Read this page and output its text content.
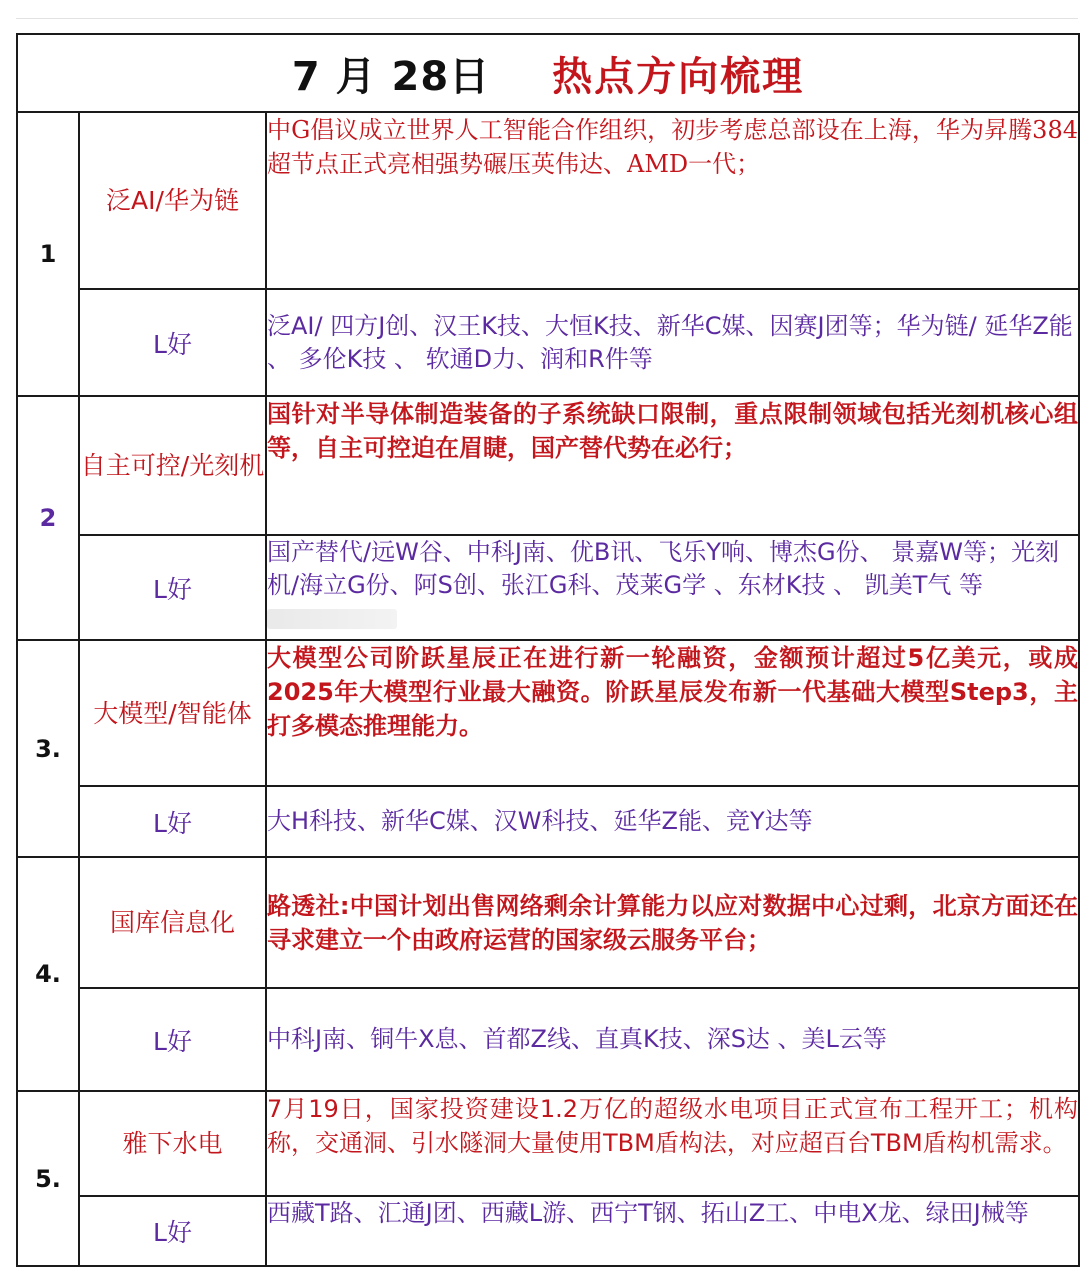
7 月 28日 热点方向梳理		
1	泛AI/华为链	中G倡议成立世界人工智能合作组织，初步考虑总部设在上海，华为昇腾384超节点正式亮相强势碾压英伟达、AMD一代；
	L好	泛AI/ 四方J创、汉王K技、大恒K技、新华C媒、因赛J团等；华为链/ 延华Z能 、 多伦K技 、 软通D力、润和R件等
2	自主可控/光刻机	国针对半导体制造装备的子系统缺口限制，重点限制领域包括光刻机核心组等，自主可控迫在眉睫，国产替代势在必行；
	L好	国产替代/远W谷、中科J南、优B讯、飞乐Y响、博杰G份、 景嘉W等；光刻机/海立G份、阿S创、张江G科、茂莱G学 、东材K技 、 凯美T气 等
3.	大模型/智能体	大模型公司阶跃星辰正在进行新一轮融资，金额预计超过5亿美元，或成2025年大模型行业最大融资。阶跃星辰发布新一代基础大模型Step3，主打多模态推理能力。
	L好	大H科技、新华C媒、汉W科技、延华Z能、竞Y达等
4.	国库信息化	路透社:中国计划出售网络剩余计算能力以应对数据中心过剩，北京方面还在寻求建立一个由政府运营的国家级云服务平台；
	L好	中科J南、铜牛X息、首都Z线、直真K技、深S达 、美L云等
5.	雅下水电	7月19日，国家投资建设1.2万亿的超级水电项目正式宣布工程开工；机构称，交通洞、引水隧洞大量使用TBM盾构法，对应超百台TBM盾构机需求。
	L好	西藏T路、汇通J团、西藏L游、西宁T钢、拓山Z工、中电X龙、绿田J械等
